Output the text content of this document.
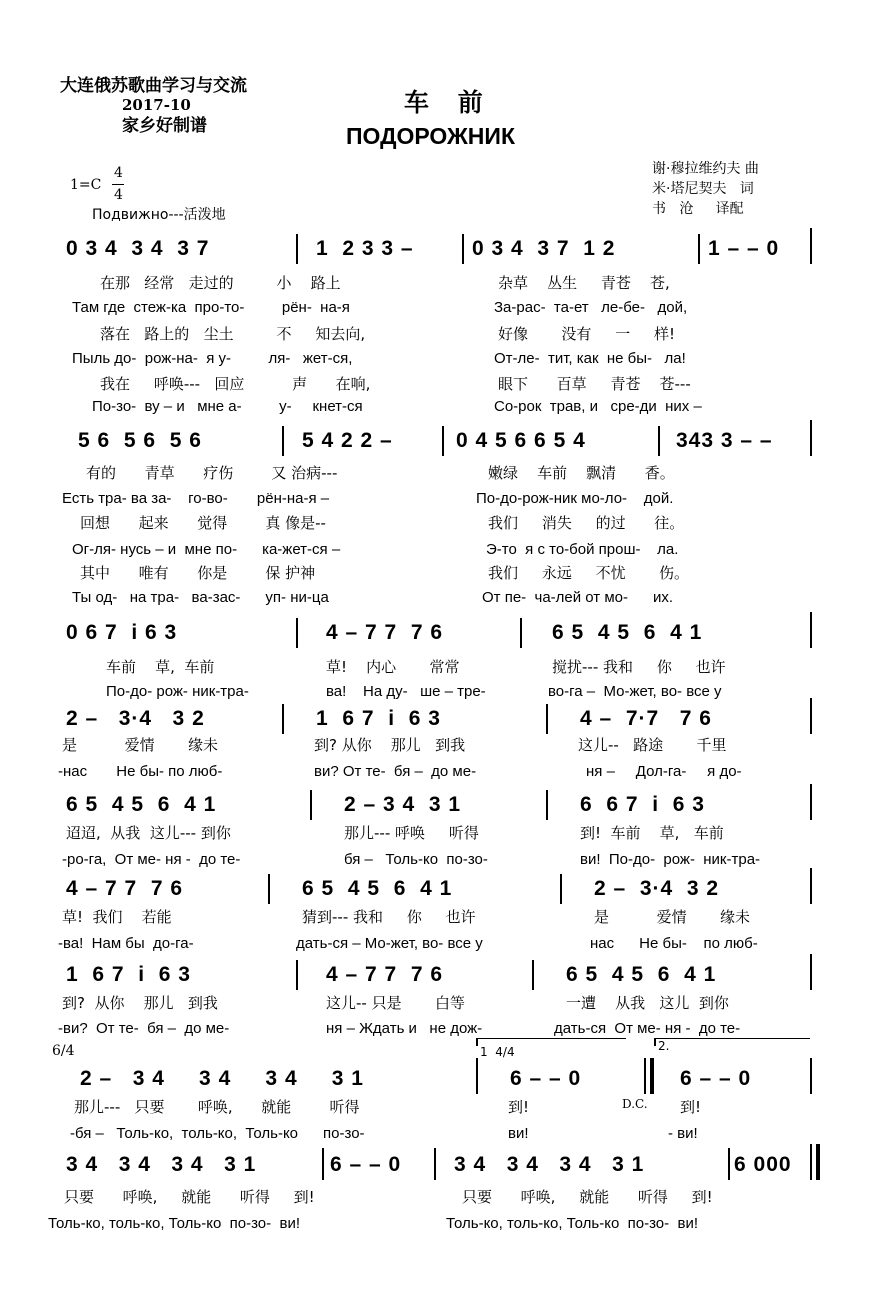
大连俄苏歌曲学习与交流
2017-10
家乡好制谱
车 前
ПОДОРОЖНИК
谢·穆拉维约夫 曲
米·塔尼契夫   词
书   沧     译配
1=C
4
4
Подвижно---活泼地
0 3 4  3 4  3 7	1  2 3 3 –	0 3 4  3 7  1 2	1 – – 0
在那   经常   走过的         小    路上	杂草    丛生     青苍    苍,
Там где  стеж-ка  про-то-         рён-  на-я	За-рас-  та-ет   ле-бе-   дой,
落在   路上的   尘土         不     知去向,	好像       没有     一     样!
Пыль до-  рож-на-  я у-         ля-   жет-ся,	От-ле-  тит, как  не бы-   ла!
我在     呼唤---   回应          声      在响,	眼下      百草     青苍    苍---
По-зо-  ву – и   мне а-         у-     кнет-ся	Со-рок  трав, и   сре-ди  них –
5 6  5 6  5 6	5 4 2 2 –	0 4 5 6 6 5 4	343 3 – –
有的      青草      疗伤        又 治病---	嫩绿    车前    飘清      香。
Есть тра- ва за-    го-во-       рён-на-я –	По-до-рож-ник мо-ло-    дой.
回想      起来      觉得        真 像是--	我们     消失     的过      往。
Ог-ля- нусь – и  мне по-      ка-жет-ся –	Э-то  я с то-бой прош-    ла.
其中      唯有      你是        保 护神	我们     永远     不忧       伤。
Ты од-   на тра-   ва-зас-      уп- ни-ца	От пе-  ча-лей от мо-      их.
0 6 7  i 6 3	4 – 7 7  7 6	6 5  4 5  6  4 1
车前    草,  车前	草!    内心       常常	搅扰--- 我和     你     也许
По-до- рож- ник-тра-	ва!    На ду-   ше – тре-	во-га –  Мо-жет, во- все у
2 –   3·4   3 2	1  6 7  i  6 3	4 –  7·7   7 6
是          爱情       缘未	到? 从你    那儿   到我	这儿--   路途       千里
-нас       Не бы- по люб-	ви? От те-  бя –  до ме-	ня –     Дол-га-     я до-
6 5  4 5  6  4 1	2 – 3 4  3 1	6  6 7  i  6 3
迢迢,  从我  这儿--- 到你	那儿--- 呼唤     听得	到!  车前    草,   车前
-ро-га,  От ме- ня -  до те-	бя –   Толь-ко  по-зо-	ви!  По-до-  рож-  ник-тра-
4 – 7 7  7 6	6 5  4 5  6  4 1	2 –  3·4  3 2
草!  我们    若能	猜到--- 我和     你     也许	是          爱情       缘未
-ва!  Нам бы  до-га-	дать-ся – Мо-жет, во- все у	нас      Не бы-    по люб-
1  6 7  i  6 3	4 – 7 7  7 6	6 5  4 5  6  4 1
到?  从你    那儿   到我	这儿-- 只是       白等	一遭    从我   这儿  到你
-ви?  От те-  бя –  до ме-	ня – Ждать и   не дож-	дать-ся  От ме- ня -  до те-
6/4	1  4/4	2.
2 –   3 4     3 4     3 4     3 1	6 – – 0	6 – – 0
那儿---   只要       呼唤,      就能        听得	到!	D.C. 到!
-бя –   Толь-ко,  толь-ко,  Толь-ко      по-зо-	ви!	- ви!
3 4   3 4   3 4   3 1	6 – – 0	3 4   3 4   3 4   3 1	6 000
只要      呼唤,     就能      听得     到!	只要      呼唤,     就能      听得     到!
Толь-ко, толь-ко, Толь-ко  по-зо-  ви!	Толь-ко, толь-ко, Толь-ко  по-зо-  ви!
